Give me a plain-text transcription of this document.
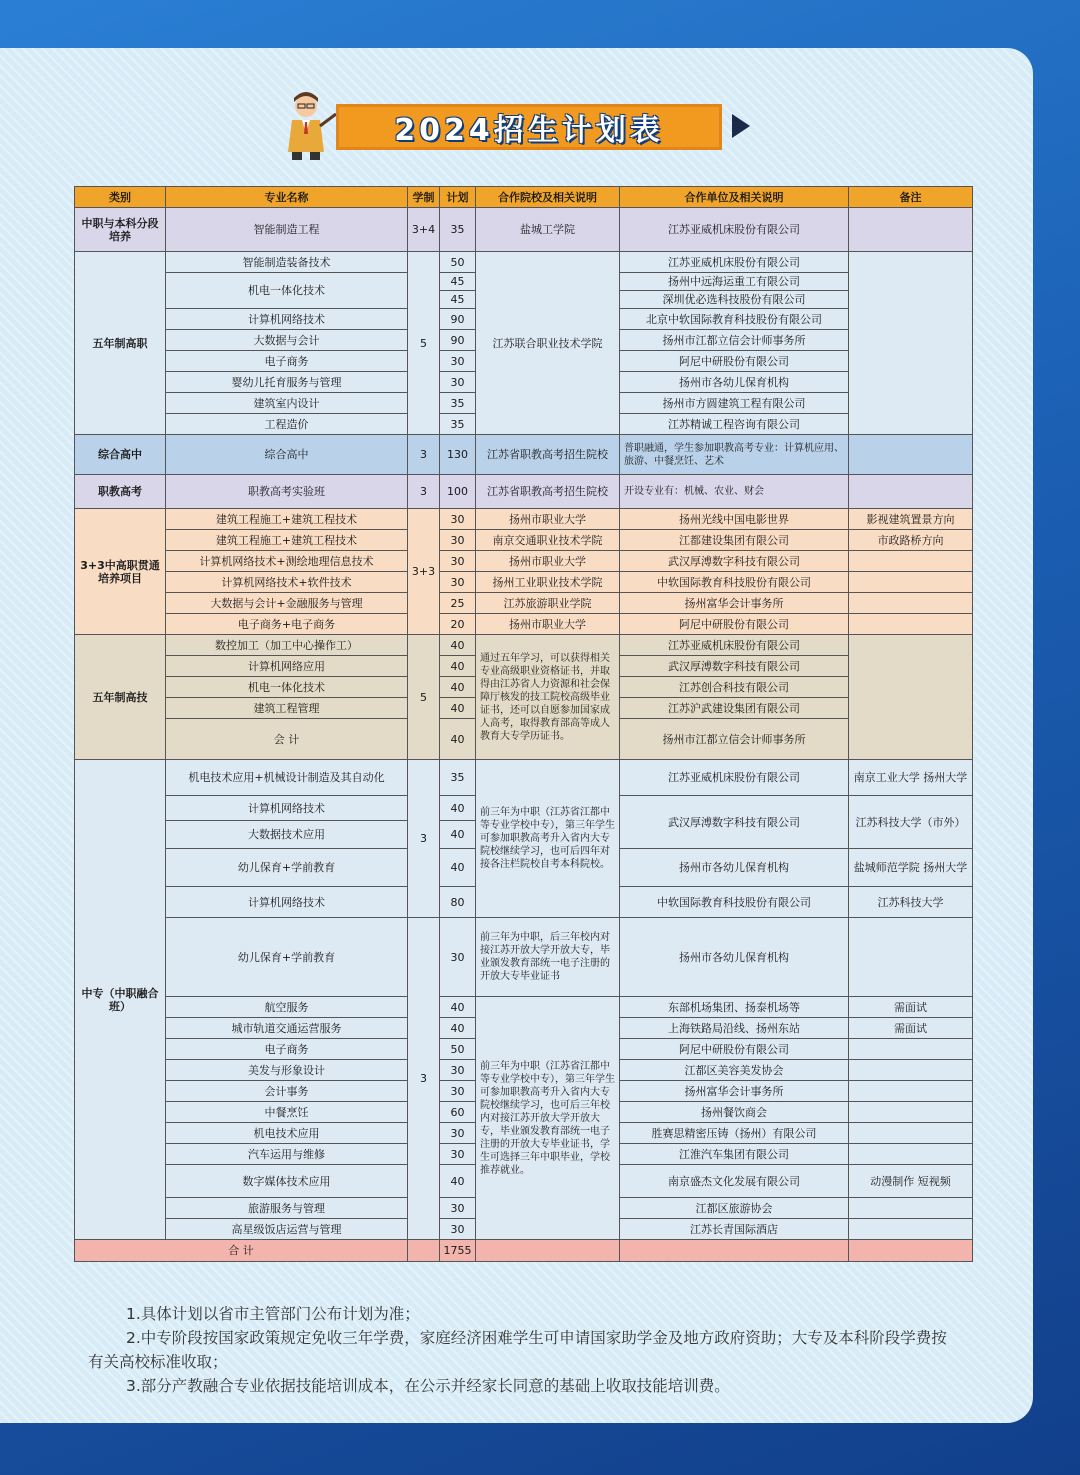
2024招生计划表
类别	专业名称	学制	计划	合作院校及相关说明	合作单位及相关说明	备注
中职与本科分段培养	智能制造工程	3+4	35	盐城工学院	江苏亚威机床股份有限公司	
五年制高职	智能制造装备技术	5	50	江苏联合职业技术学院	江苏亚威机床股份有限公司	
	机电一体化技术		45		扬州中远海运重工有限公司	
			45		深圳优必选科技股份有限公司	
	计算机网络技术		90		北京中软国际教育科技股份有限公司	
	大数据与会计		90		扬州市江都立信会计师事务所	
	电子商务		30		阿尼中研股份有限公司	
	婴幼儿托育服务与管理		30		扬州市各幼儿保育机构	
	建筑室内设计		35		扬州市方圆建筑工程有限公司	
	工程造价		35		江苏精诚工程咨询有限公司	
综合高中	综合高中	3	130	江苏省职教高考招生院校	普职融通，学生参加职教高考专业：计算机应用、旅游、中餐烹饪、艺术	
职教高考	职教高考实验班	3	100	江苏省职教高考招生院校	开设专业有：机械、农业、财会	
3+3中高职贯通培养项目	建筑工程施工+建筑工程技术	3+3	30	扬州市职业大学	扬州光线中国电影世界	影视建筑置景方向
	建筑工程施工+建筑工程技术		30	南京交通职业技术学院	江都建设集团有限公司	市政路桥方向
	计算机网络技术+测绘地理信息技术		30	扬州市职业大学	武汉厚溥数字科技有限公司	
	计算机网络技术+软件技术		30	扬州工业职业技术学院	中软国际教育科技股份有限公司	
	大数据与会计+金融服务与管理		25	江苏旅游职业学院	扬州富华会计事务所	
	电子商务+电子商务		20	扬州市职业大学	阿尼中研股份有限公司	
五年制高技	数控加工（加工中心操作工）	5	40	通过五年学习，可以获得相关专业高级职业资格证书，并取得由江苏省人力资源和社会保障厅核发的技工院校高级毕业证书，还可以自愿参加国家成人高考，取得教育部高等成人教育大专学历证书。	江苏亚威机床股份有限公司	
	计算机网络应用		40		武汉厚溥数字科技有限公司	
	机电一体化技术		40		江苏创合科技有限公司	
	建筑工程管理		40		江苏沪武建设集团有限公司	
	会 计		40		扬州市江都立信会计师事务所	
中专（中职融合班）	机电技术应用+机械设计制造及其自动化	3	35	前三年为中职（江苏省江都中等专业学校中专），第三年学生可参加职教高考升入省内大专院校继续学习，也可后四年对接各注栏院校自考本科院校。	江苏亚威机床股份有限公司	南京工业大学 扬州大学
	计算机网络技术		40		武汉厚溥数字科技有限公司	江苏科技大学（市外）
	大数据技术应用		40			
	幼儿保育+学前教育		40		扬州市各幼儿保育机构	盐城师范学院 扬州大学
	计算机网络技术		80		中软国际教育科技股份有限公司	江苏科技大学
	幼儿保育+学前教育	3	30	前三年为中职，后三年校内对接江苏开放大学开放大专，毕业颁发教育部统一电子注册的开放大专毕业证书	扬州市各幼儿保育机构	
	航空服务		40	前三年为中职（江苏省江都中等专业学校中专），第三年学生可参加职教高考升入省内大专院校继续学习，也可后三年校内对接江苏开放大学开放大专，毕业颁发教育部统一电子注册的开放大专毕业证书，学生可选择三年中职毕业，学校推荐就业。	东部机场集团、扬泰机场等	需面试
	城市轨道交通运营服务		40		上海铁路局沿线、扬州东站	需面试
	电子商务		50		阿尼中研股份有限公司	
	美发与形象设计		30		江都区美容美发协会	
	会计事务		30		扬州富华会计事务所	
	中餐烹饪		60		扬州餐饮商会	
	机电技术应用		30		胜赛思精密压铸（扬州）有限公司	
	汽车运用与维修		30		江淮汽车集团有限公司	
	数字媒体技术应用		40		南京盛杰文化发展有限公司	动漫制作 短视频
	旅游服务与管理		30		江都区旅游协会	
	高星级饭店运营与管理		30		江苏长青国际酒店	
合 计			1755			

1.具体计划以省市主管部门公布计划为准；

2.中专阶段按国家政策规定免收三年学费，家庭经济困难学生可申请国家助学金及地方政府资助；大专及本科阶段学费按有关高校标准收取；

3.部分产教融合专业依据技能培训成本，在公示并经家长同意的基础上收取技能培训费。
